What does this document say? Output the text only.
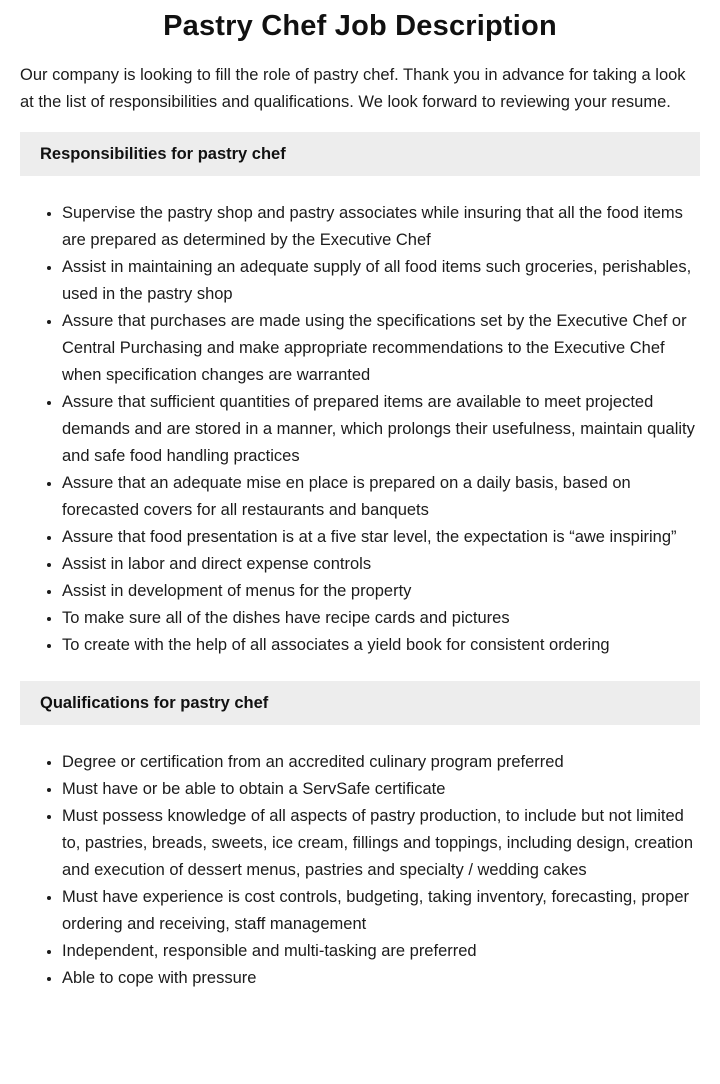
Pastry Chef Job Description

Our company is looking to fill the role of pastry chef. Thank you in advance for taking a look at the list of responsibilities and qualifications. We look forward to reviewing your resume.

Responsibilities for pastry chef
• Supervise the pastry shop and pastry associates while insuring that all the food items are prepared as determined by the Executive Chef
• Assist in maintaining an adequate supply of all food items such groceries, perishables, used in the pastry shop
• Assure that purchases are made using the specifications set by the Executive Chef or Central Purchasing and make appropriate recommendations to the Executive Chef when specification changes are warranted
• Assure that sufficient quantities of prepared items are available to meet projected demands and are stored in a manner, which prolongs their usefulness, maintain quality and safe food handling practices
• Assure that an adequate mise en place is prepared on a daily basis, based on forecasted covers for all restaurants and banquets
• Assure that food presentation is at a five star level, the expectation is “awe inspiring”
• Assist in labor and direct expense controls
• Assist in development of menus for the property
• To make sure all of the dishes have recipe cards and pictures
• To create with the help of all associates a yield book for consistent ordering
Qualifications for pastry chef
• Degree or certification from an accredited culinary program preferred
• Must have or be able to obtain a ServSafe certificate
• Must possess knowledge of all aspects of pastry production, to include but not limited to, pastries, breads, sweets, ice cream, fillings and toppings, including design, creation and execution of dessert menus, pastries and specialty / wedding cakes
• Must have experience is cost controls, budgeting, taking inventory, forecasting, proper ordering and receiving, staff management
• Independent, responsible and multi-tasking are preferred
• Able to cope with pressure
